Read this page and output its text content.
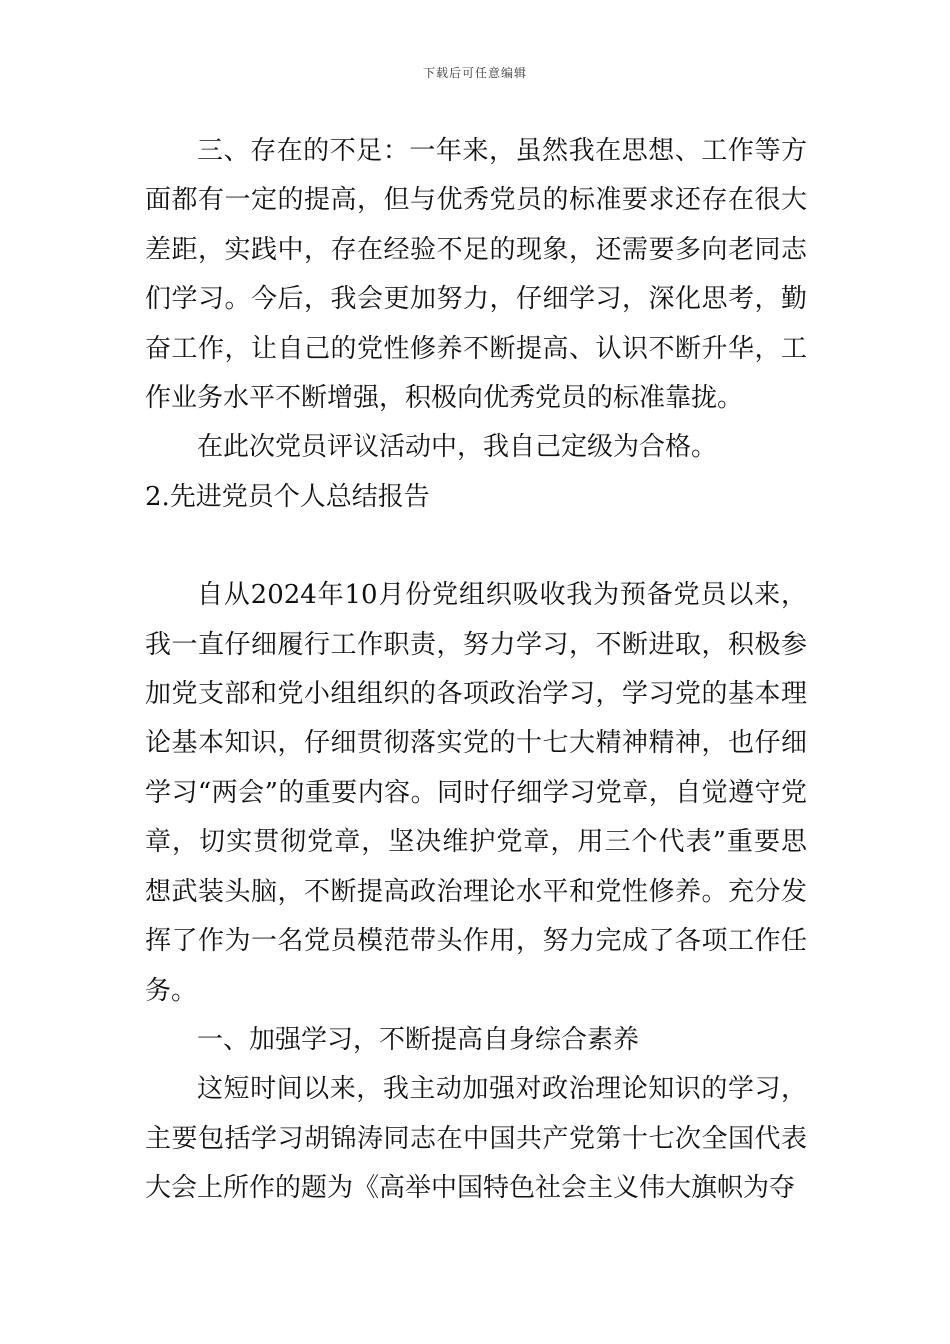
下载后可任意编辑

三、存在的不足：一年来，虽然我在思想、工作等方面都有一定的提高，但与优秀党员的标准要求还存在很大差距，实践中，存在经验不足的现象，还需要多向老同志们学习。今后，我会更加努力，仔细学习，深化思考，勤奋工作，让自己的党性修养不断提高、认识不断升华，工作业务水平不断增强，积极向优秀党员的标准靠拢。

在此次党员评议活动中，我自己定级为合格。

2.先进党员个人总结报告

自从2024年10月份党组织吸收我为预备党员以来，我一直仔细履行工作职责，努力学习，不断进取，积极参加党支部和党小组组织的各项政治学习，学习党的基本理论基本知识，仔细贯彻落实党的十七大精神精神，也仔细学习“两会”的重要内容。同时仔细学习党章，自觉遵守党章，切实贯彻党章，坚决维护党章，用三个代表”重要思想武装头脑，不断提高政治理论水平和党性修养。充分发挥了作为一名党员模范带头作用，努力完成了各项工作任务。

一、加强学习，不断提高自身综合素养

这短时间以来，我主动加强对政治理论知识的学习，主要包括学习胡锦涛同志在中国共产党第十七次全国代表大会上所作的题为《高举中国特色社会主义伟大旗帜为夺
